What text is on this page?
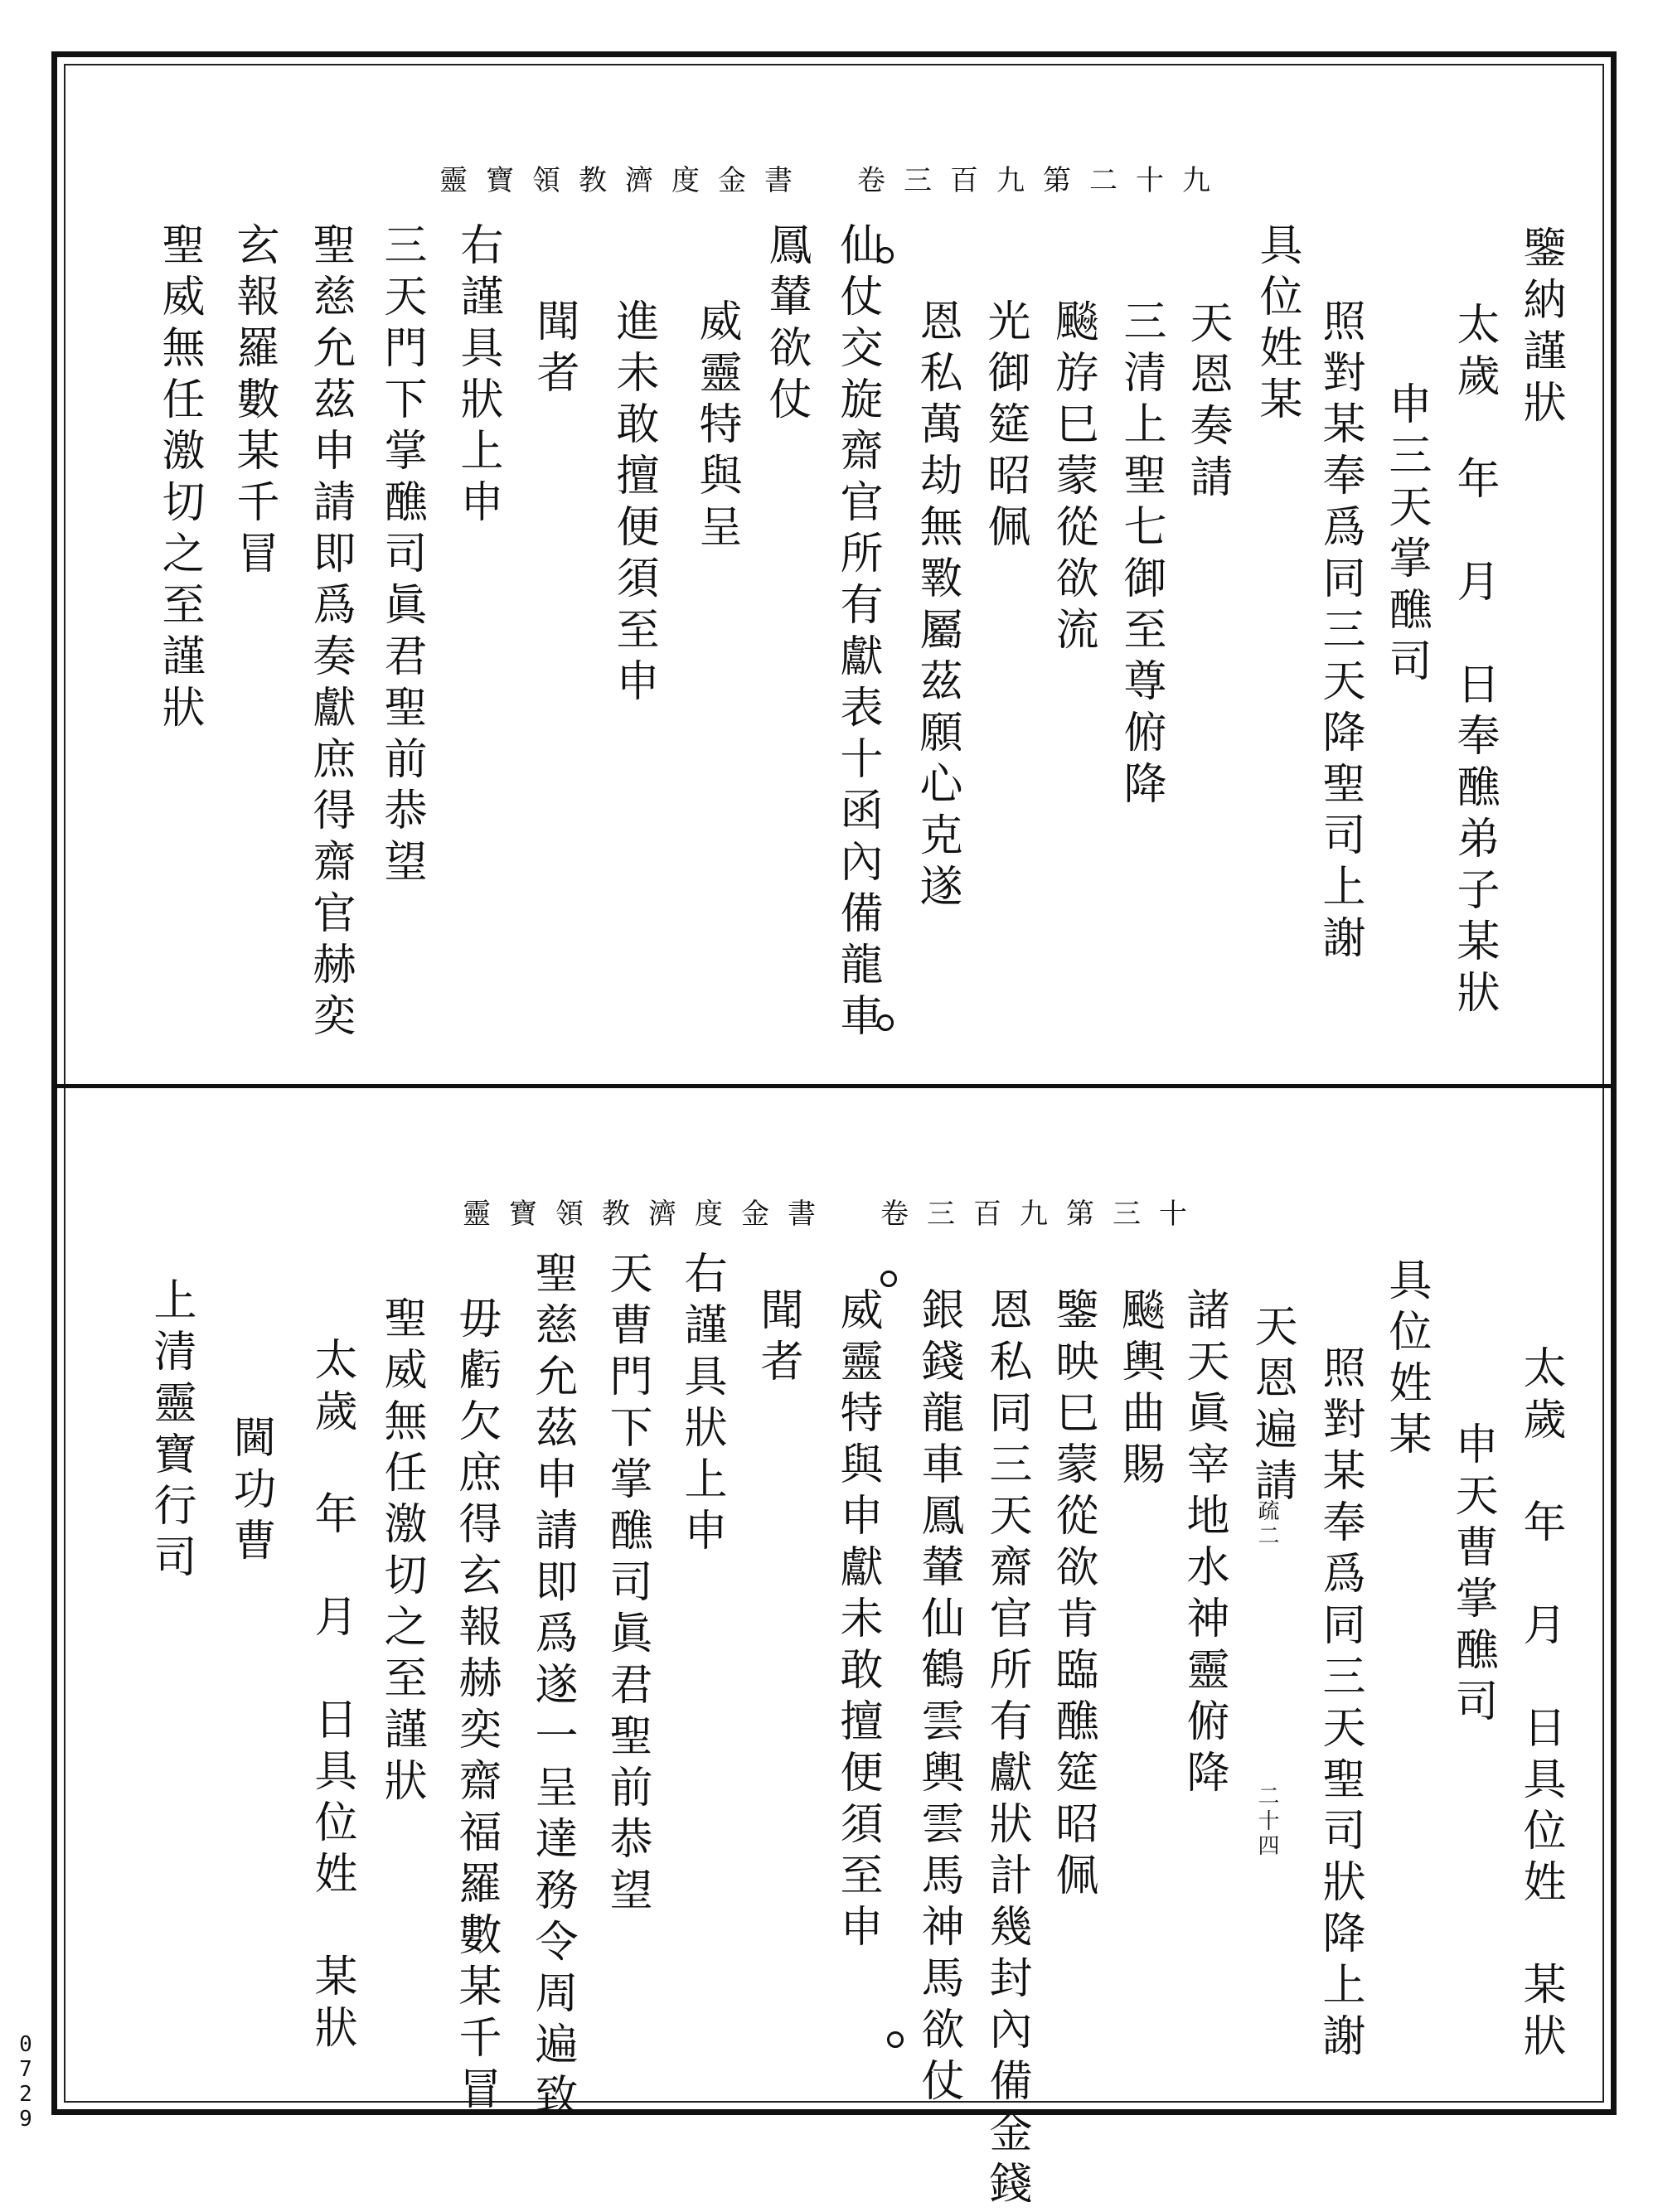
靈寶領教濟度金書　卷三百九第二十九
鑒納謹狀
太歲　年　月　日奉醮弟子某狀
申三天掌醮司
照對某奉爲同三天降聖司上謝
具位姓某
天恩奏請
三清上聖七御至尊俯降
飈斿巳蒙從欲流
光御筵昭佩
恩私萬劫無斁屬茲願心克遂
仙仗交旋齋官所有獻表十函內備龍車
鳳輦欲仗
威靈特與呈
進未敢擅便須至申
聞者
右謹具狀上申
三天門下掌醮司眞君聖前恭望
聖慈允茲申請即爲奏獻庶得齋官赫奕
玄報羅數某千冒
聖威無任激切之至謹狀
靈寶領教濟度金書　卷三百九第三十
太歲　年　月　日具位姓　某狀
申天曹掌醮司
具位姓某
照對某奉爲同三天聖司狀降上謝
天恩遍請
諸天眞宰地水神靈俯降
飈輿曲賜
鑒映巳蒙從欲肯臨醮筵昭佩
恩私同三天齋官所有獻狀計幾封內備金錢
銀錢龍車鳳輦仙鶴雲輿雲馬神馬欲仗
威靈特與申獻未敢擅便須至申
聞者
右謹具狀上申
天曹門下掌醮司眞君聖前恭望
聖慈允茲申請即爲遂一呈達務令周遍致
毋虧欠庶得玄報赫奕齋福羅數某千冒
聖威無任激切之至謹狀
太歲　年　月　日具位姓　某狀
閫功曹
上清靈寶行司
二十四
疏二
0729
